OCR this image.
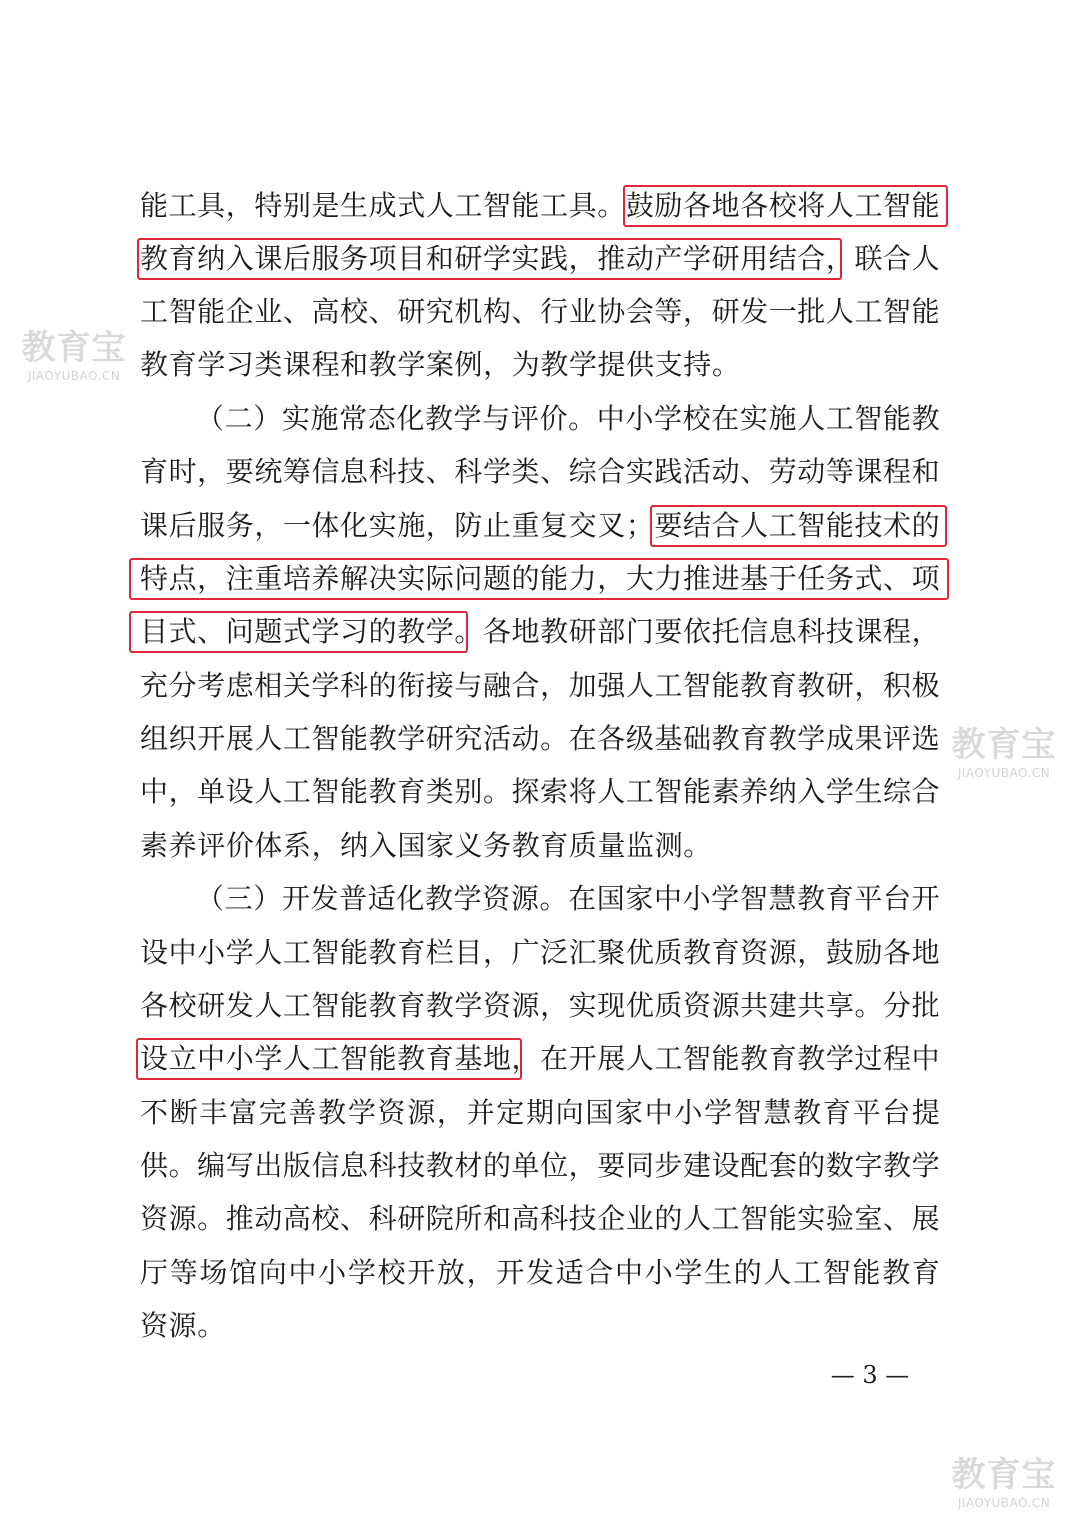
能 工 具 ， 特 别 是 生 成 式 人 工 智 能 工 具 。 鼓 励 各 地 各 校 将 人 工 智 能
教 育 纳 入 课 后 服 务 项 目 和 研 学 实 践 ， 推 动 产 学 研 用 结 合 ， 联 合 人
工 智 能 企 业 、 高 校 、 研 究 机 构 、 行 业 协 会 等 ， 研 发 一 批 人 工 智 能
教 育 学 习 类 课 程 和 教 学 案 例 ， 为 教 学 提 供 支 持 。
（ 二 ） 实 施 常 态 化 教 学 与 评 价 。 中 小 学 校 在 实 施 人 工 智 能 教
育 时 ， 要 统 筹 信 息 科 技 、 科 学 类 、 综 合 实 践 活 动 、 劳 动 等 课 程 和
课 后 服 务 ， 一 体 化 实 施 ， 防 止 重 复 交 叉 ； 要 结 合 人 工 智 能 技 术 的
特 点 ， 注 重 培 养 解 决 实 际 问 题 的 能 力 ， 大 力 推 进 基 于 任 务 式 、 项
目 式 、 问 题 式 学 习 的 教 学 。 各 地 教 研 部 门 要 依 托 信 息 科 技 课 程 ，
充 分 考 虑 相 关 学 科 的 衔 接 与 融 合 ， 加 强 人 工 智 能 教 育 教 研 ， 积 极
组 织 开 展 人 工 智 能 教 学 研 究 活 动 。 在 各 级 基 础 教 育 教 学 成 果 评 选
中 ， 单 设 人 工 智 能 教 育 类 别 。 探 索 将 人 工 智 能 素 养 纳 入 学 生 综 合
素 养 评 价 体 系 ， 纳 入 国 家 义 务 教 育 质 量 监 测 。
（ 三 ） 开 发 普 适 化 教 学 资 源 。 在 国 家 中 小 学 智 慧 教 育 平 台 开
设 中 小 学 人 工 智 能 教 育 栏 目 ， 广 泛 汇 聚 优 质 教 育 资 源 ， 鼓 励 各 地
各 校 研 发 人 工 智 能 教 育 教 学 资 源 ， 实 现 优 质 资 源 共 建 共 享 。 分 批
设 立 中 小 学 人 工 智 能 教 育 基 地 ， 在 开 展 人 工 智 能 教 育 教 学 过 程 中
不 断 丰 富 完 善 教 学 资 源 ， 并 定 期 向 国 家 中 小 学 智 慧 教 育 平 台 提
供 。 编 写 出 版 信 息 科 技 教 材 的 单 位 ， 要 同 步 建 设 配 套 的 数 字 教 学
资 源 。 推 动 高 校 、 科 研 院 所 和 高 科 技 企 业 的 人 工 智 能 实 验 室 、 展
厅 等 场 馆 向 中 小 学 校 开 放 ， 开 发 适 合 中 小 学 生 的 人 工 智 能 教 育
资 源 。
— 3 —
教育宝
JIAOYUBAO.CN
教育宝
JIAOYUBAO.CN
教育宝
JIAOYUBAO.CN
